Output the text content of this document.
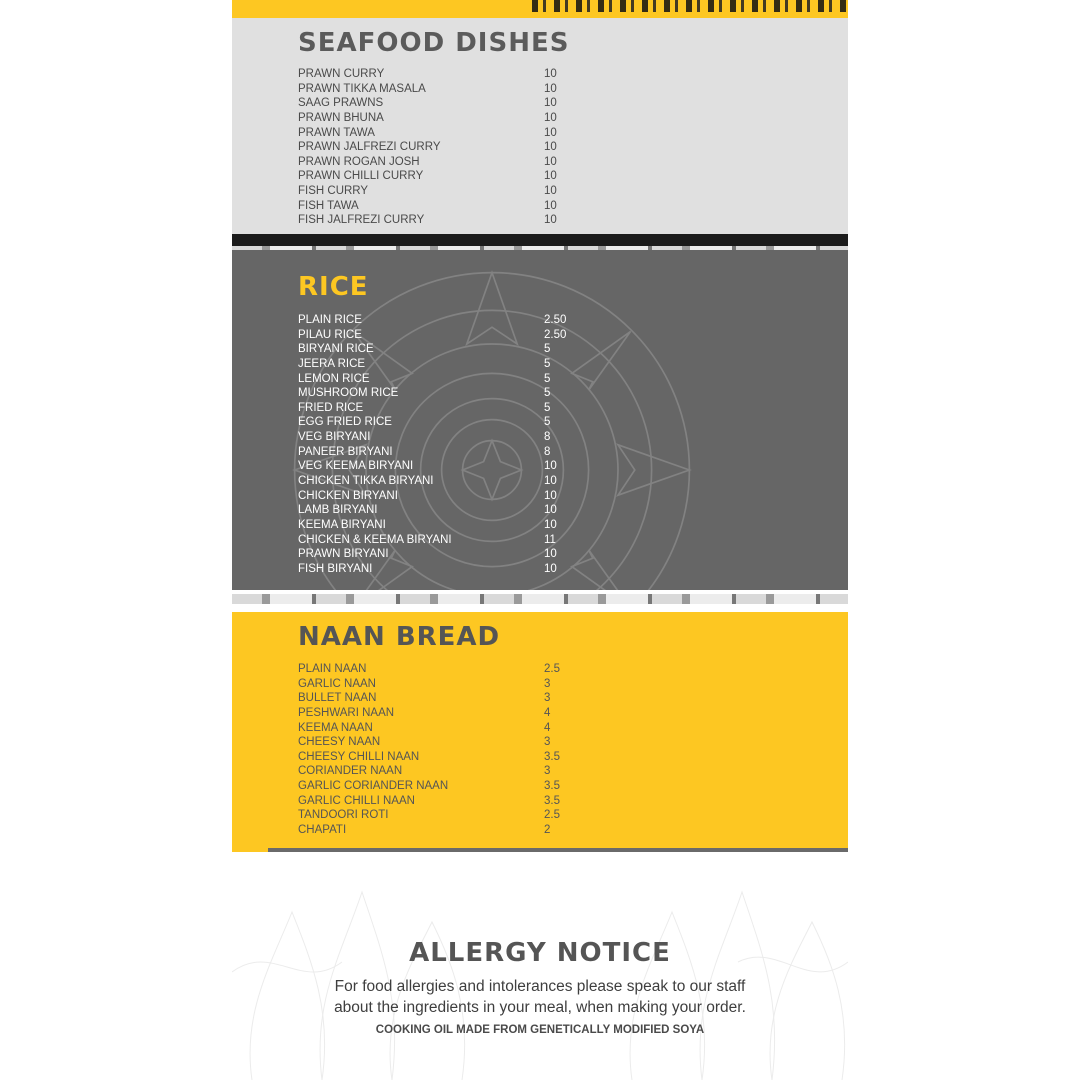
SEAFOOD DISHES
PRAWN CURRY	10
PRAWN TIKKA MASALA	10
SAAG PRAWNS	10
PRAWN BHUNA	10
PRAWN TAWA	10
PRAWN JALFREZI CURRY	10
PRAWN ROGAN JOSH	10
PRAWN CHILLI CURRY	10
FISH CURRY	10
FISH TAWA	10
FISH JALFREZI CURRY	10
RICE
PLAIN RICE	2.50
PILAU RICE	2.50
BIRYANI RICE	5
JEERA RICE	5
LEMON RICE	5
MUSHROOM RICE	5
FRIED RICE	5
EGG FRIED RICE	5
VEG BIRYANI	8
PANEER BIRYANI	8
VEG KEEMA BIRYANI	10
CHICKEN TIKKA BIRYANI	10
CHICKEN BIRYANI	10
LAMB BIRYANI	10
KEEMA BIRYANI	10
CHICKEN & KEEMA BIRYANI	11
PRAWN BIRYANI	10
FISH BIRYANI	10
NAAN BREAD
PLAIN NAAN	2.5
GARLIC NAAN	3
BULLET NAAN	3
PESHWARI NAAN	4
KEEMA NAAN	4
CHEESY NAAN	3
CHEESY CHILLI NAAN	3.5
CORIANDER NAAN	3
GARLIC CORIANDER NAAN	3.5
GARLIC CHILLI NAAN	3.5
TANDOORI ROTI	2.5
CHAPATI	2
ALLERGY NOTICE

For food allergies and intolerances please speak to our staff
about the ingredients in your meal, when making your order.

COOKING OIL MADE FROM GENETICALLY MODIFIED SOYA
